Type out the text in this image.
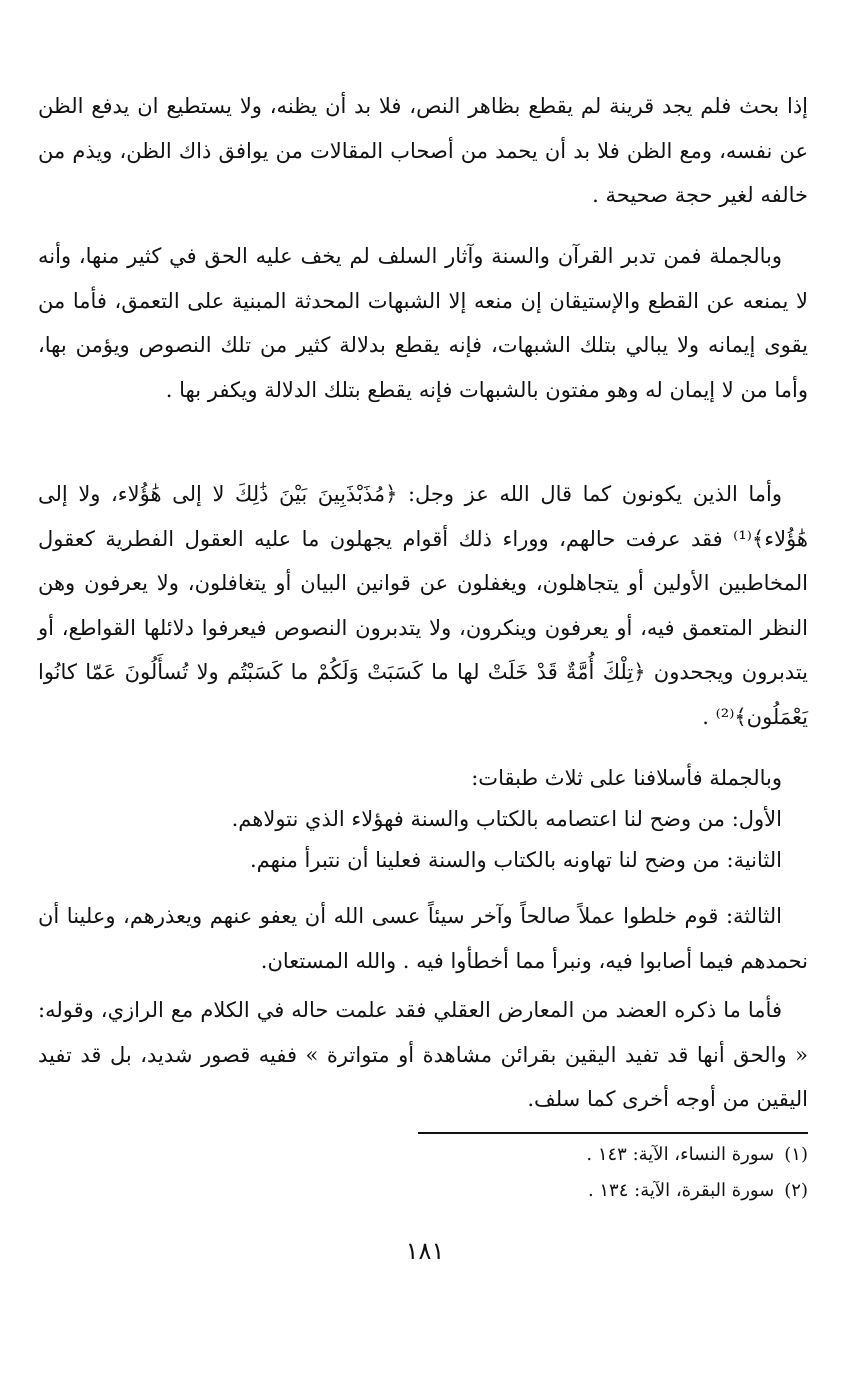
إذا بحث فلم يجد قرينة لم يقطع بظاهر النص، فلا بد أن يظنه، ولا يستطيع ان يدفع الظن عن نفسه، ومع الظن فلا بد أن يحمد من أصحاب المقالات من يوافق ذاك الظن، ويذم من خالفه لغير حجة صحيحة .

وبالجملة فمن تدبر القرآن والسنة وآثار السلف لم يخف عليه الحق في كثير منها، وأنه لا يمنعه عن القطع والإستيقان إن منعه إلا الشبهات المحدثة المبنية على التعمق، فأما من يقوى إيمانه ولا يبالي بتلك الشبهات، فإنه يقطع بدلالة كثير من تلك النصوص ويؤمن بها، وأما من لا إيمان له وهو مفتون بالشبهات فإنه يقطع بتلك الدلالة ويكفر بها .

وأما الذين يكونون كما قال الله عز وجل: ﴿مُذَبْذَبِينَ بَيْنَ ذَٰلِكَ لا إلى هَٰؤُلاء، ولا إلى هَٰؤُلاء﴾⁽¹⁾ فقد عرفت حالهم، ووراء ذلك أقوام يجهلون ما عليه العقول الفطرية كعقول المخاطبين الأولين أو يتجاهلون، ويغفلون عن قوانين البيان أو يتغافلون، ولا يعرفون وهن النظر المتعمق فيه، أو يعرفون وينكرون، ولا يتدبرون النصوص فيعرفوا دلائلها القواطع، أو يتدبرون ويجحدون ﴿تِلْكَ أُمَّةٌ قَدْ خَلَتْ لها ما كَسَبَتْ وَلَكُمْ ما كَسَبْتُم ولا تُسأَلُونَ عَمّا كانُوا يَعْمَلُون﴾⁽²⁾ .

وبالجملة فأسلافنا على ثلاث طبقات:

الأول: من وضح لنا اعتصامه بالكتاب والسنة فهؤلاء الذي نتولاهم.

الثانية: من وضح لنا تهاونه بالكتاب والسنة فعلينا أن نتبرأ منهم.

الثالثة: قوم خلطوا عملاً صالحاً وآخر سيئاً عسى الله أن يعفو عنهم ويعذرهم، وعلينا أن نحمدهم فيما أصابوا فيه، ونبرأ مما أخطأوا فيه . والله المستعان.

فأما ما ذكره العضد من المعارض العقلي فقد علمت حاله في الكلام مع الرازي، وقوله: « والحق أنها قد تفيد اليقين بقرائن مشاهدة أو متواترة » ففيه قصور شديد، بل قد تفيد اليقين من أوجه أخرى كما سلف.

(١)سورة النساء، الآية: ١٤٣ .

(٢)سورة البقرة، الآية: ١٣٤ .

١٨١
